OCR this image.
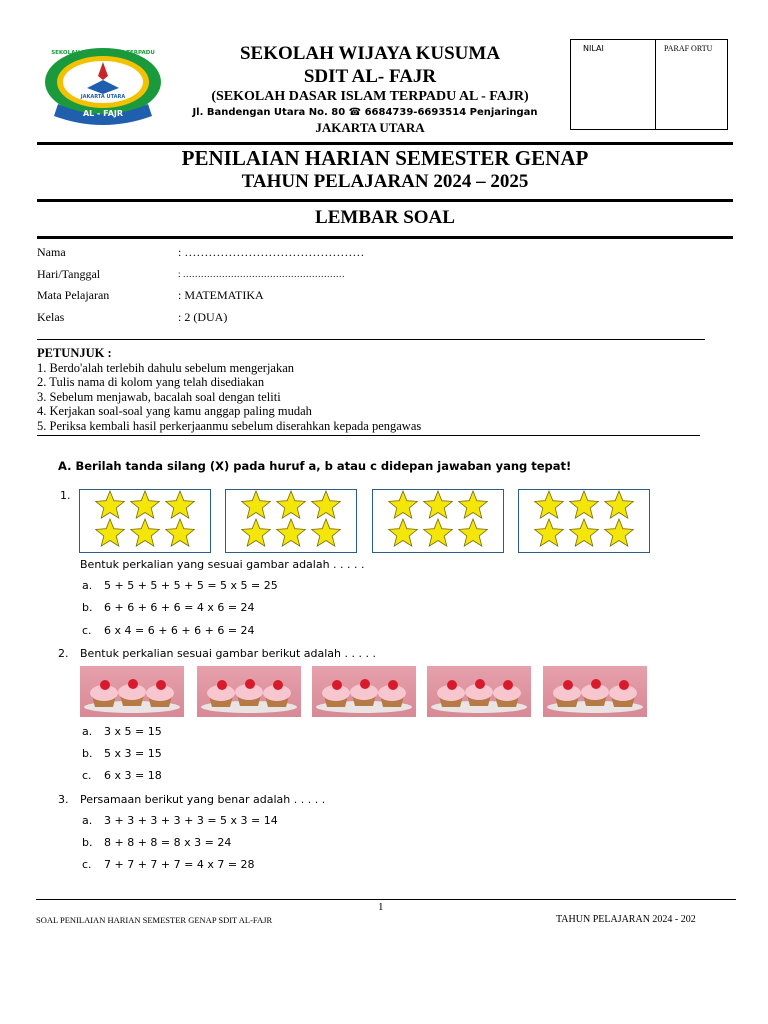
SEKOLAH DASAR ISLAM TERPADU
JAKARTA UTARA
AL - FAJR
SEKOLAH WIJAYA KUSUMA
SDIT AL- FAJR
(SEKOLAH DASAR ISLAM TERPADU AL - FAJR)
Jl. Bandengan Utara No. 80 ☎ 6684739-6693514 Penjaringan
JAKARTA UTARA
NILAI	PARAF ORTU
PENILAIAN HARIAN SEMESTER GENAP
TAHUN PELAJARAN 2024 – 2025
LEMBAR SOAL
Nama	: ………………………………………
Hari/Tanggal	: ………………………………………………
Mata Pelajaran	: MATEMATIKA
Kelas	: 2 (DUA)
PETUNJUK :
1. Berdo'alah terlebih dahulu sebelum mengerjakan
2. Tulis nama di kolom yang telah disediakan
3. Sebelum menjawab, bacalah soal dengan teliti
4. Kerjakan soal-soal yang kamu anggap paling mudah
5. Periksa kembali hasil perkerjaanmu sebelum diserahkan kepada pengawas
A. Berilah tanda silang (X) pada huruf a, b atau c didepan jawaban yang tepat!
1.
Bentuk perkalian yang sesuai gambar adalah . . . . .
a. 5 + 5 + 5 + 5 + 5 = 5 x 5 = 25
b. 6 + 6 + 6 + 6 = 4 x 6 = 24
c. 6 x 4 = 6 + 6 + 6 + 6 = 24
2. Bentuk perkalian sesuai gambar berikut adalah . . . . .
a. 3 x 5 = 15
b. 5 x 3 = 15
c. 6 x 3 = 18
3. Persamaan berikut yang benar adalah . . . . .
a. 3 + 3 + 3 + 3 + 3 = 5 x 3 = 14
b. 8 + 8 + 8 = 8 x 3 = 24
c. 7 + 7 + 7 + 7 = 4 x 7 = 28
1
SOAL PENILAIAN HARIAN SEMESTER GENAP SDIT AL-FAJR	TAHUN PELAJARAN 2024 - 202
